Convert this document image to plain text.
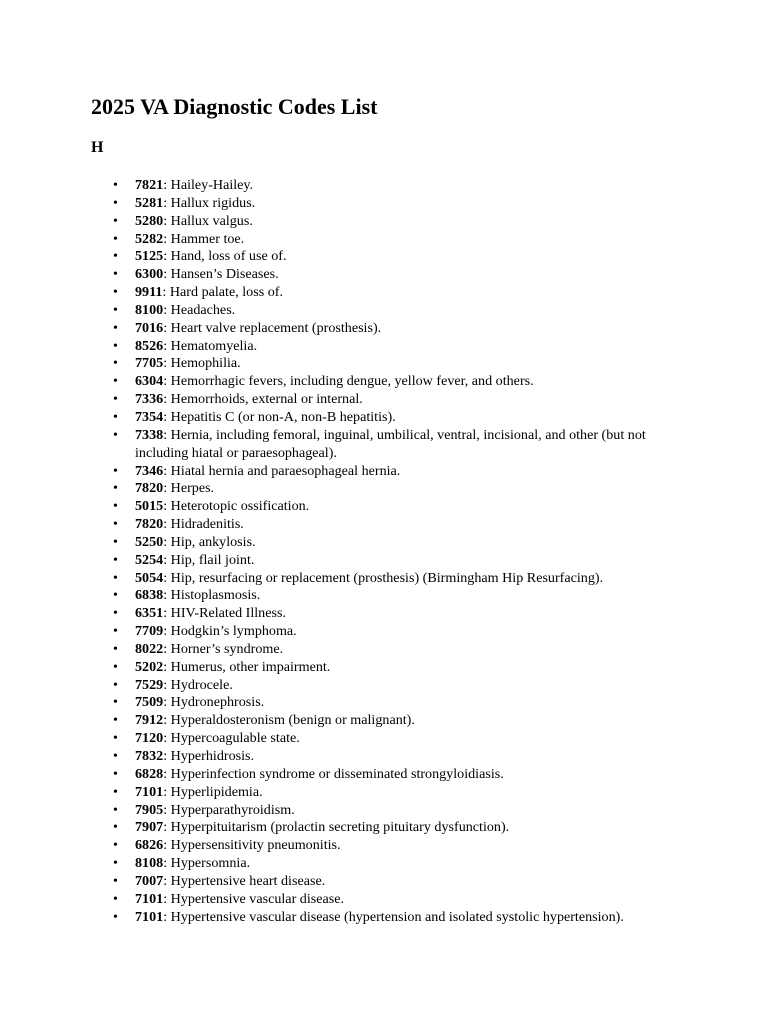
2025 VA Diagnostic Codes List
H
• 7821: Hailey-Hailey.
• 5281: Hallux rigidus.
• 5280: Hallux valgus.
• 5282: Hammer toe.
• 5125: Hand, loss of use of.
• 6300: Hansen’s Diseases.
• 9911: Hard palate, loss of.
• 8100: Headaches.
• 7016: Heart valve replacement (prosthesis).
• 8526: Hematomyelia.
• 7705: Hemophilia.
• 6304: Hemorrhagic fevers, including dengue, yellow fever, and others.
• 7336: Hemorrhoids, external or internal.
• 7354: Hepatitis C (or non-A, non-B hepatitis).
• 7338: Hernia, including femoral, inguinal, umbilical, ventral, incisional, and other (but not including hiatal or paraesophageal).
• 7346: Hiatal hernia and paraesophageal hernia.
• 7820: Herpes.
• 5015: Heterotopic ossification.
• 7820: Hidradenitis.
• 5250: Hip, ankylosis.
• 5254: Hip, flail joint.
• 5054: Hip, resurfacing or replacement (prosthesis) (Birmingham Hip Resurfacing).
• 6838: Histoplasmosis.
• 6351: HIV-Related Illness.
• 7709: Hodgkin’s lymphoma.
• 8022: Horner’s syndrome.
• 5202: Humerus, other impairment.
• 7529: Hydrocele.
• 7509: Hydronephrosis.
• 7912: Hyperaldosteronism (benign or malignant).
• 7120: Hypercoagulable state.
• 7832: Hyperhidrosis.
• 6828: Hyperinfection syndrome or disseminated strongyloidiasis.
• 7101: Hyperlipidemia.
• 7905: Hyperparathyroidism.
• 7907: Hyperpituitarism (prolactin secreting pituitary dysfunction).
• 6826: Hypersensitivity pneumonitis.
• 8108: Hypersomnia.
• 7007: Hypertensive heart disease.
• 7101: Hypertensive vascular disease.
• 7101: Hypertensive vascular disease (hypertension and isolated systolic hypertension).
